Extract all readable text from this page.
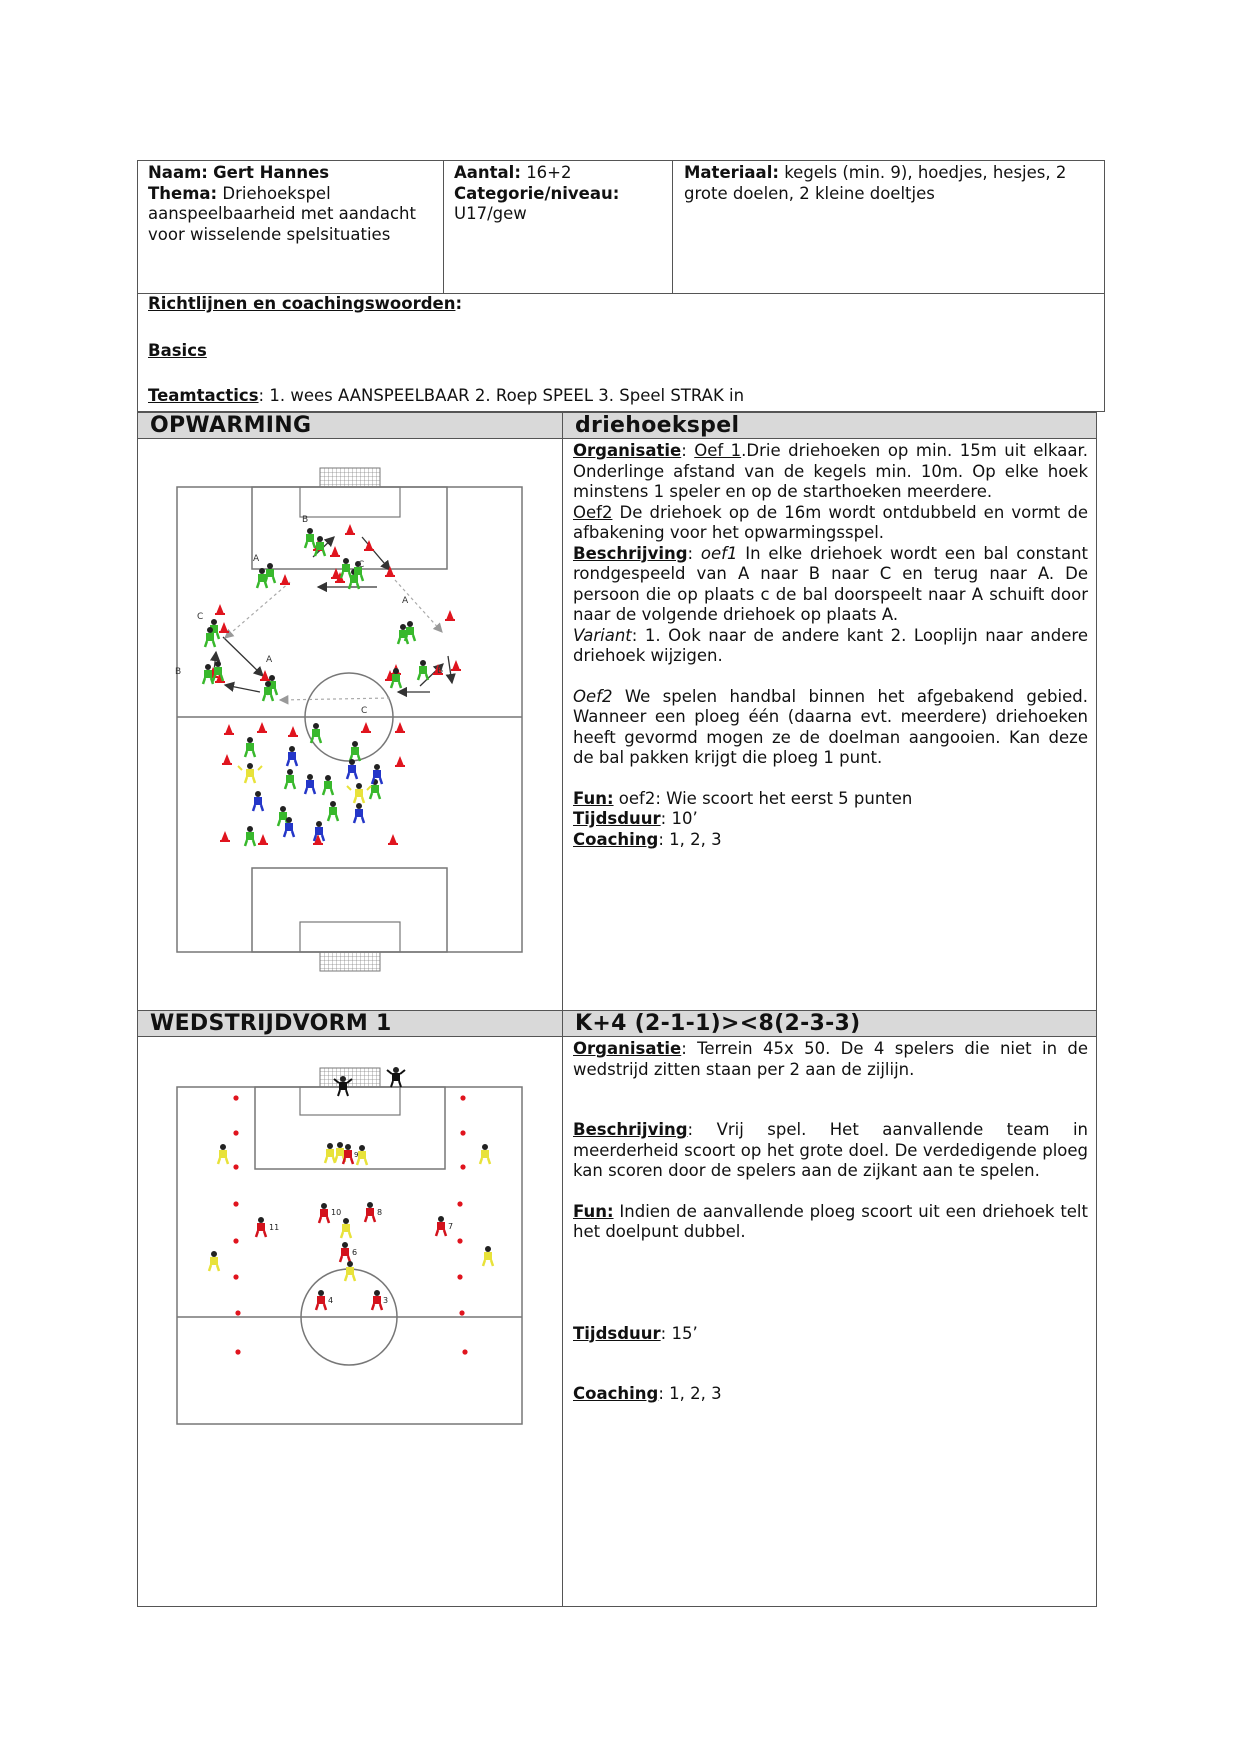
Naam: Gert Hannes
Thema: Driehoekspel aanspeelbaarheid met aandacht voor wisselende spelsituaties
Aantal: 16+2
Categorie/niveau:
U17/gew
Materiaal: kegels (min. 9), hoedjes, hesjes, 2 grote doelen, 2 kleine doeltjes

Richtlijnen en coachingswoorden:

Basics

Teamtactics: 1. wees AANSPEELBAAR 2. Roep SPEEL 3. Speel STRAK in

OPWARMING	driehoekspel

Organisatie: Oef 1.Drie driehoeken op min. 15m uit elkaar. Onderlinge afstand van de kegels min. 10m. Op elke hoek minstens 1 speler en op de starthoeken meerdere.

Oef2 De driehoek op de 16m wordt ontdubbeld en vormt de afbakening voor het opwarmingsspel.

Beschrijving: oef1 In elke driehoek wordt een bal constant rondgespeeld van A naar B naar C en terug naar A. De persoon die op plaats c de bal doorspeelt naar A schuift door naar de volgende driehoek op plaats A.

Variant: 1. Ook naar de andere kant 2. Looplijn naar andere driehoek wijzigen.

Oef2 We spelen handbal binnen het afgebakend gebied. Wanneer een ploeg één (daarna evt. meerdere) driehoeken heeft gevormd mogen ze de doelman aangooien. Kan deze de bal pakken krijgt die ploeg 1 punt.

Fun: oef2: Wie scoort het eerst 5 punten

Tijdsduur: 10’

Coaching: 1, 2, 3

B
A
C
A
C
B
A
B
C
WEDSTRIJDVORM 1	K+4 (2-1-1)><8(2-3-3)

Organisatie: Terrein 45x 50. De 4 spelers die niet in de wedstrijd zitten staan per 2 aan de zijlijn.

Beschrijving: Vrij spel. Het aanvallende team in meerderheid scoort op het grote doel. De verdedigende ploeg kan scoren door de spelers aan de zijkant aan te spelen.

Fun: Indien de aanvallende ploeg scoort uit een driehoek telt het doelpunt dubbel.

Tijdsduur: 15’

Coaching: 1, 2, 3

10	8
11	7
6
4	3
9
